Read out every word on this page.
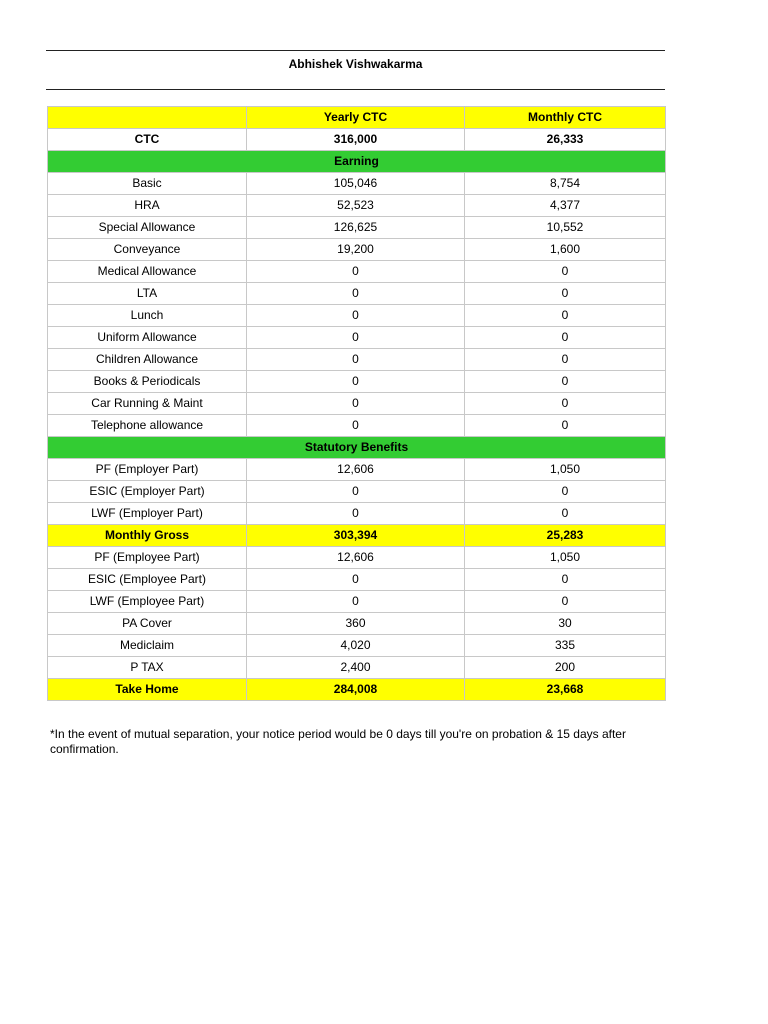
Abhishek Vishwakarma
	Yearly CTC	Monthly CTC
CTC	316,000	26,333
Earning		
Basic	105,046	8,754
HRA	52,523	4,377
Special Allowance	126,625	10,552
Conveyance	19,200	1,600
Medical Allowance	0	0
LTA	0	0
Lunch	0	0
Uniform Allowance	0	0
Children Allowance	0	0
Books & Periodicals	0	0
Car Running & Maint	0	0
Telephone allowance	0	0
Statutory Benefits		
PF (Employer Part)	12,606	1,050
ESIC (Employer Part)	0	0
LWF (Employer Part)	0	0
Monthly Gross	303,394	25,283
PF (Employee Part)	12,606	1,050
ESIC (Employee Part)	0	0
LWF (Employee Part)	0	0
PA Cover	360	30
Mediclaim	4,020	335
P TAX	2,400	200
Take Home	284,008	23,668
*In the event of mutual separation, your notice period would be 0 days till you're on probation & 15 days after confirmation.
